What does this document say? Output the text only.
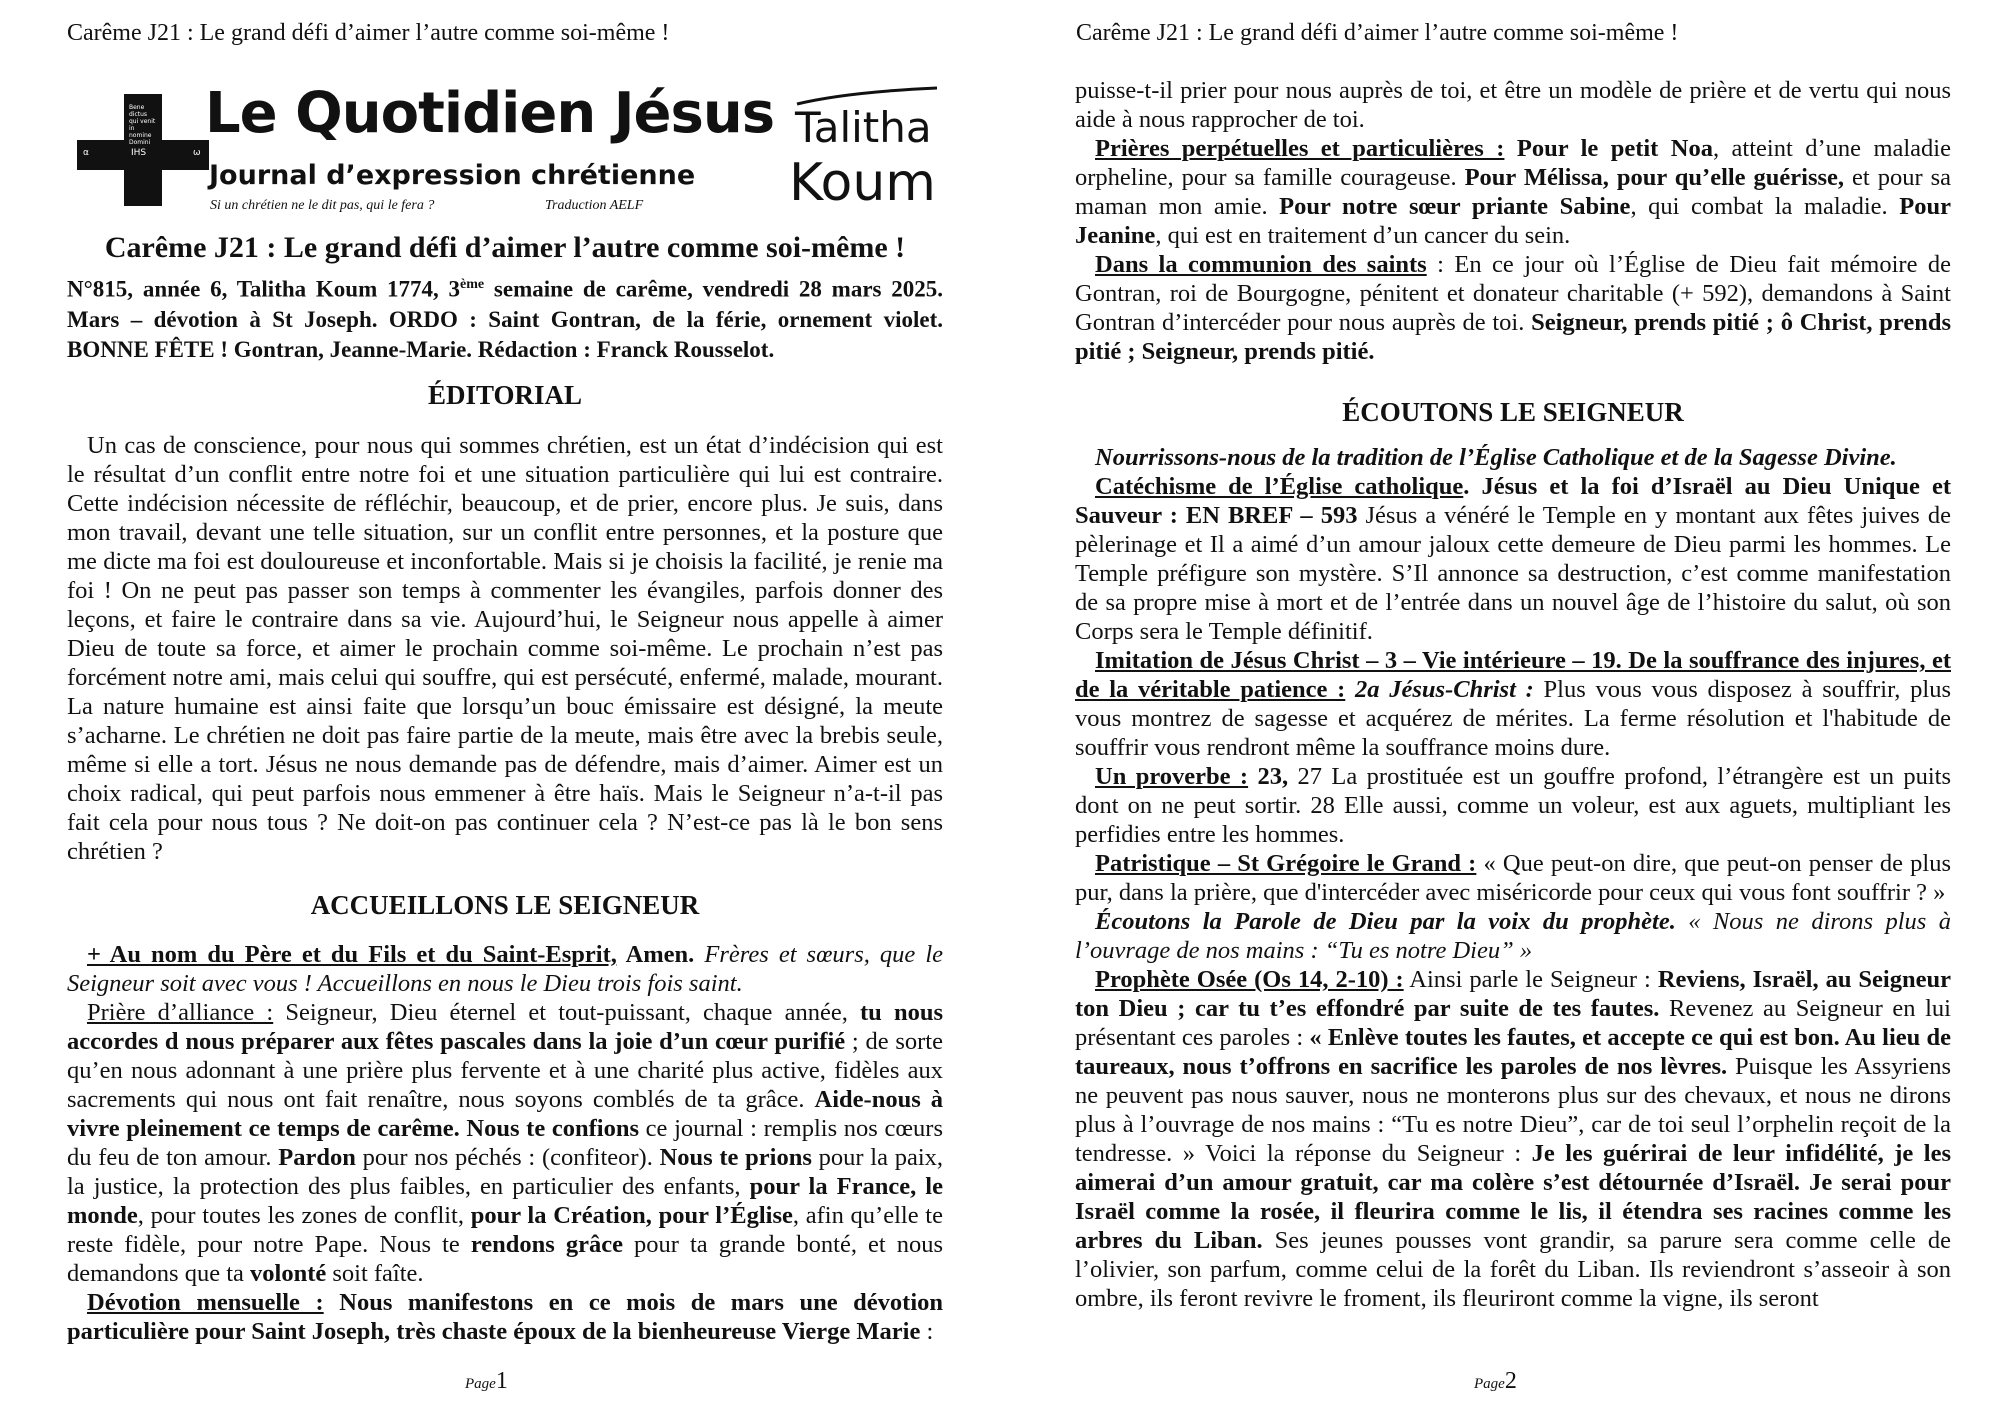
Carême J21 : Le grand défi d’aimer l’autre comme soi-même !
Bene dictus qui venit in nomine Domini
α	IHS	ω
Le Quotidien Jésus
Journal d’expression chrétienne
Si un chrétien ne le dit pas, qui le fera ?	Traduction AELF
Talitha
Koum

Carême J21 : Le grand défi d’aimer l’autre comme soi-même !

N°815, année 6, Talitha Koum 1774, 3ème semaine de carême, vendredi 28 mars 2025. Mars – dévotion à St Joseph. ORDO : Saint Gontran, de la férie, ornement violet. BONNE FÊTE ! Gontran, Jeanne-Marie. Rédaction : Franck Rousselot.

ÉDITORIAL

Un cas de conscience, pour nous qui sommes chrétien, est un état d’indécision qui est le résultat d’un conflit entre notre foi et une situation particulière qui lui est contraire. Cette indécision nécessite de réfléchir, beaucoup, et de prier, encore plus. Je suis, dans mon travail, devant une telle situation, sur un conflit entre personnes, et la posture que me dicte ma foi est douloureuse et inconfortable. Mais si je choisis la facilité, je renie ma foi ! On ne peut pas passer son temps à commenter les évangiles, parfois donner des leçons, et faire le contraire dans sa vie. Aujourd’hui, le Seigneur nous appelle à aimer Dieu de toute sa force, et aimer le prochain comme soi-même. Le prochain n’est pas forcément notre ami, mais celui qui souffre, qui est persécuté, enfermé, malade, mourant. La nature humaine est ainsi faite que lorsqu’un bouc émissaire est désigné, la meute s’acharne. Le chrétien ne doit pas faire partie de la meute, mais être avec la brebis seule, même si elle a tort. Jésus ne nous demande pas de défendre, mais d’aimer. Aimer est un choix radical, qui peut parfois nous emmener à être haïs. Mais le Seigneur n’a-t-il pas fait cela pour nous tous ? Ne doit-on pas continuer cela ? N’est-ce pas là le bon sens chrétien ?

ACCUEILLONS LE SEIGNEUR

+ Au nom du Père et du Fils et du Saint-Esprit, Amen. Frères et sœurs, que le Seigneur soit avec vous ! Accueillons en nous le Dieu trois fois saint.

Prière d’alliance : Seigneur, Dieu éternel et tout-puissant, chaque année, tu nous accordes d nous préparer aux fêtes pascales dans la joie d’un cœur purifié ; de sorte qu’en nous adonnant à une prière plus fervente et à une charité plus active, fidèles aux sacrements qui nous ont fait renaître, nous soyons comblés de ta grâce. Aide-nous à vivre pleinement ce temps de carême. Nous te confions ce journal : remplis nos cœurs du feu de ton amour. Pardon pour nos péchés : (confiteor). Nous te prions pour la paix, la justice, la protection des plus faibles, en particulier des enfants, pour la France, le monde, pour toutes les zones de conflit, pour la Création, pour l’Église, afin qu’elle te reste fidèle, pour notre Pape. Nous te rendons grâce pour ta grande bonté, et nous demandons que ta volonté soit faîte.

Dévotion mensuelle : Nous manifestons en ce mois de mars une dévotion particulière pour Saint Joseph, très chaste époux de la bienheureuse Vierge Marie :

Page1
Carême J21 : Le grand défi d’aimer l’autre comme soi-même !

puisse-t-il prier pour nous auprès de toi, et être un modèle de prière et de vertu qui nous aide à nous rapprocher de toi.

Prières perpétuelles et particulières : Pour le petit Noa, atteint d’une maladie orpheline, pour sa famille courageuse. Pour Mélissa, pour qu’elle guérisse, et pour sa maman mon amie. Pour notre sœur priante Sabine, qui combat la maladie. Pour Jeanine, qui est en traitement d’un cancer du sein.

Dans la communion des saints : En ce jour où l’Église de Dieu fait mémoire de Gontran, roi de Bourgogne, pénitent et donateur charitable (+ 592), demandons à Saint Gontran d’intercéder pour nous auprès de toi. Seigneur, prends pitié ; ô Christ, prends pitié ; Seigneur, prends pitié.

ÉCOUTONS LE SEIGNEUR

Nourrissons-nous de la tradition de l’Église Catholique et de la Sagesse Divine.

Catéchisme de l’Église catholique. Jésus et la foi d’Israël au Dieu Unique et Sauveur : EN BREF – 593 Jésus a vénéré le Temple en y montant aux fêtes juives de pèlerinage et Il a aimé d’un amour jaloux cette demeure de Dieu parmi les hommes. Le Temple préfigure son mystère. S’Il annonce sa destruction, c’est comme manifestation de sa propre mise à mort et de l’entrée dans un nouvel âge de l’histoire du salut, où son Corps sera le Temple définitif.

Imitation de Jésus Christ – 3 – Vie intérieure – 19. De la souffrance des injures, et de la véritable patience : 2a Jésus-Christ : Plus vous vous disposez à souffrir, plus vous montrez de sagesse et acquérez de mérites. La ferme résolution et l'habitude de souffrir vous rendront même la souffrance moins dure.

Un proverbe : 23, 27 La prostituée est un gouffre profond, l’étrangère est un puits dont on ne peut sortir. 28 Elle aussi, comme un voleur, est aux aguets, multipliant les perfidies entre les hommes.

Patristique – St Grégoire le Grand : « Que peut-on dire, que peut-on penser de plus pur, dans la prière, que d'intercéder avec miséricorde pour ceux qui vous font souffrir ? »

Écoutons la Parole de Dieu par la voix du prophète. « Nous ne dirons plus à l’ouvrage de nos mains : “Tu es notre Dieu” »

Prophète Osée (Os 14, 2-10) : Ainsi parle le Seigneur : Reviens, Israël, au Seigneur ton Dieu ; car tu t’es effondré par suite de tes fautes. Revenez au Seigneur en lui présentant ces paroles : « Enlève toutes les fautes, et accepte ce qui est bon. Au lieu de taureaux, nous t’offrons en sacrifice les paroles de nos lèvres. Puisque les Assyriens ne peuvent pas nous sauver, nous ne monterons plus sur des chevaux, et nous ne dirons plus à l’ouvrage de nos mains : “Tu es notre Dieu”, car de toi seul l’orphelin reçoit de la tendresse. » Voici la réponse du Seigneur : Je les guérirai de leur infidélité, je les aimerai d’un amour gratuit, car ma colère s’est détournée d’Israël. Je serai pour Israël comme la rosée, il fleurira comme le lis, il étendra ses racines comme les arbres du Liban. Ses jeunes pousses vont grandir, sa parure sera comme celle de l’olivier, son parfum, comme celui de la forêt du Liban. Ils reviendront s’asseoir à son ombre, ils feront revivre le froment, ils fleuriront comme la vigne, ils seront

Page2
